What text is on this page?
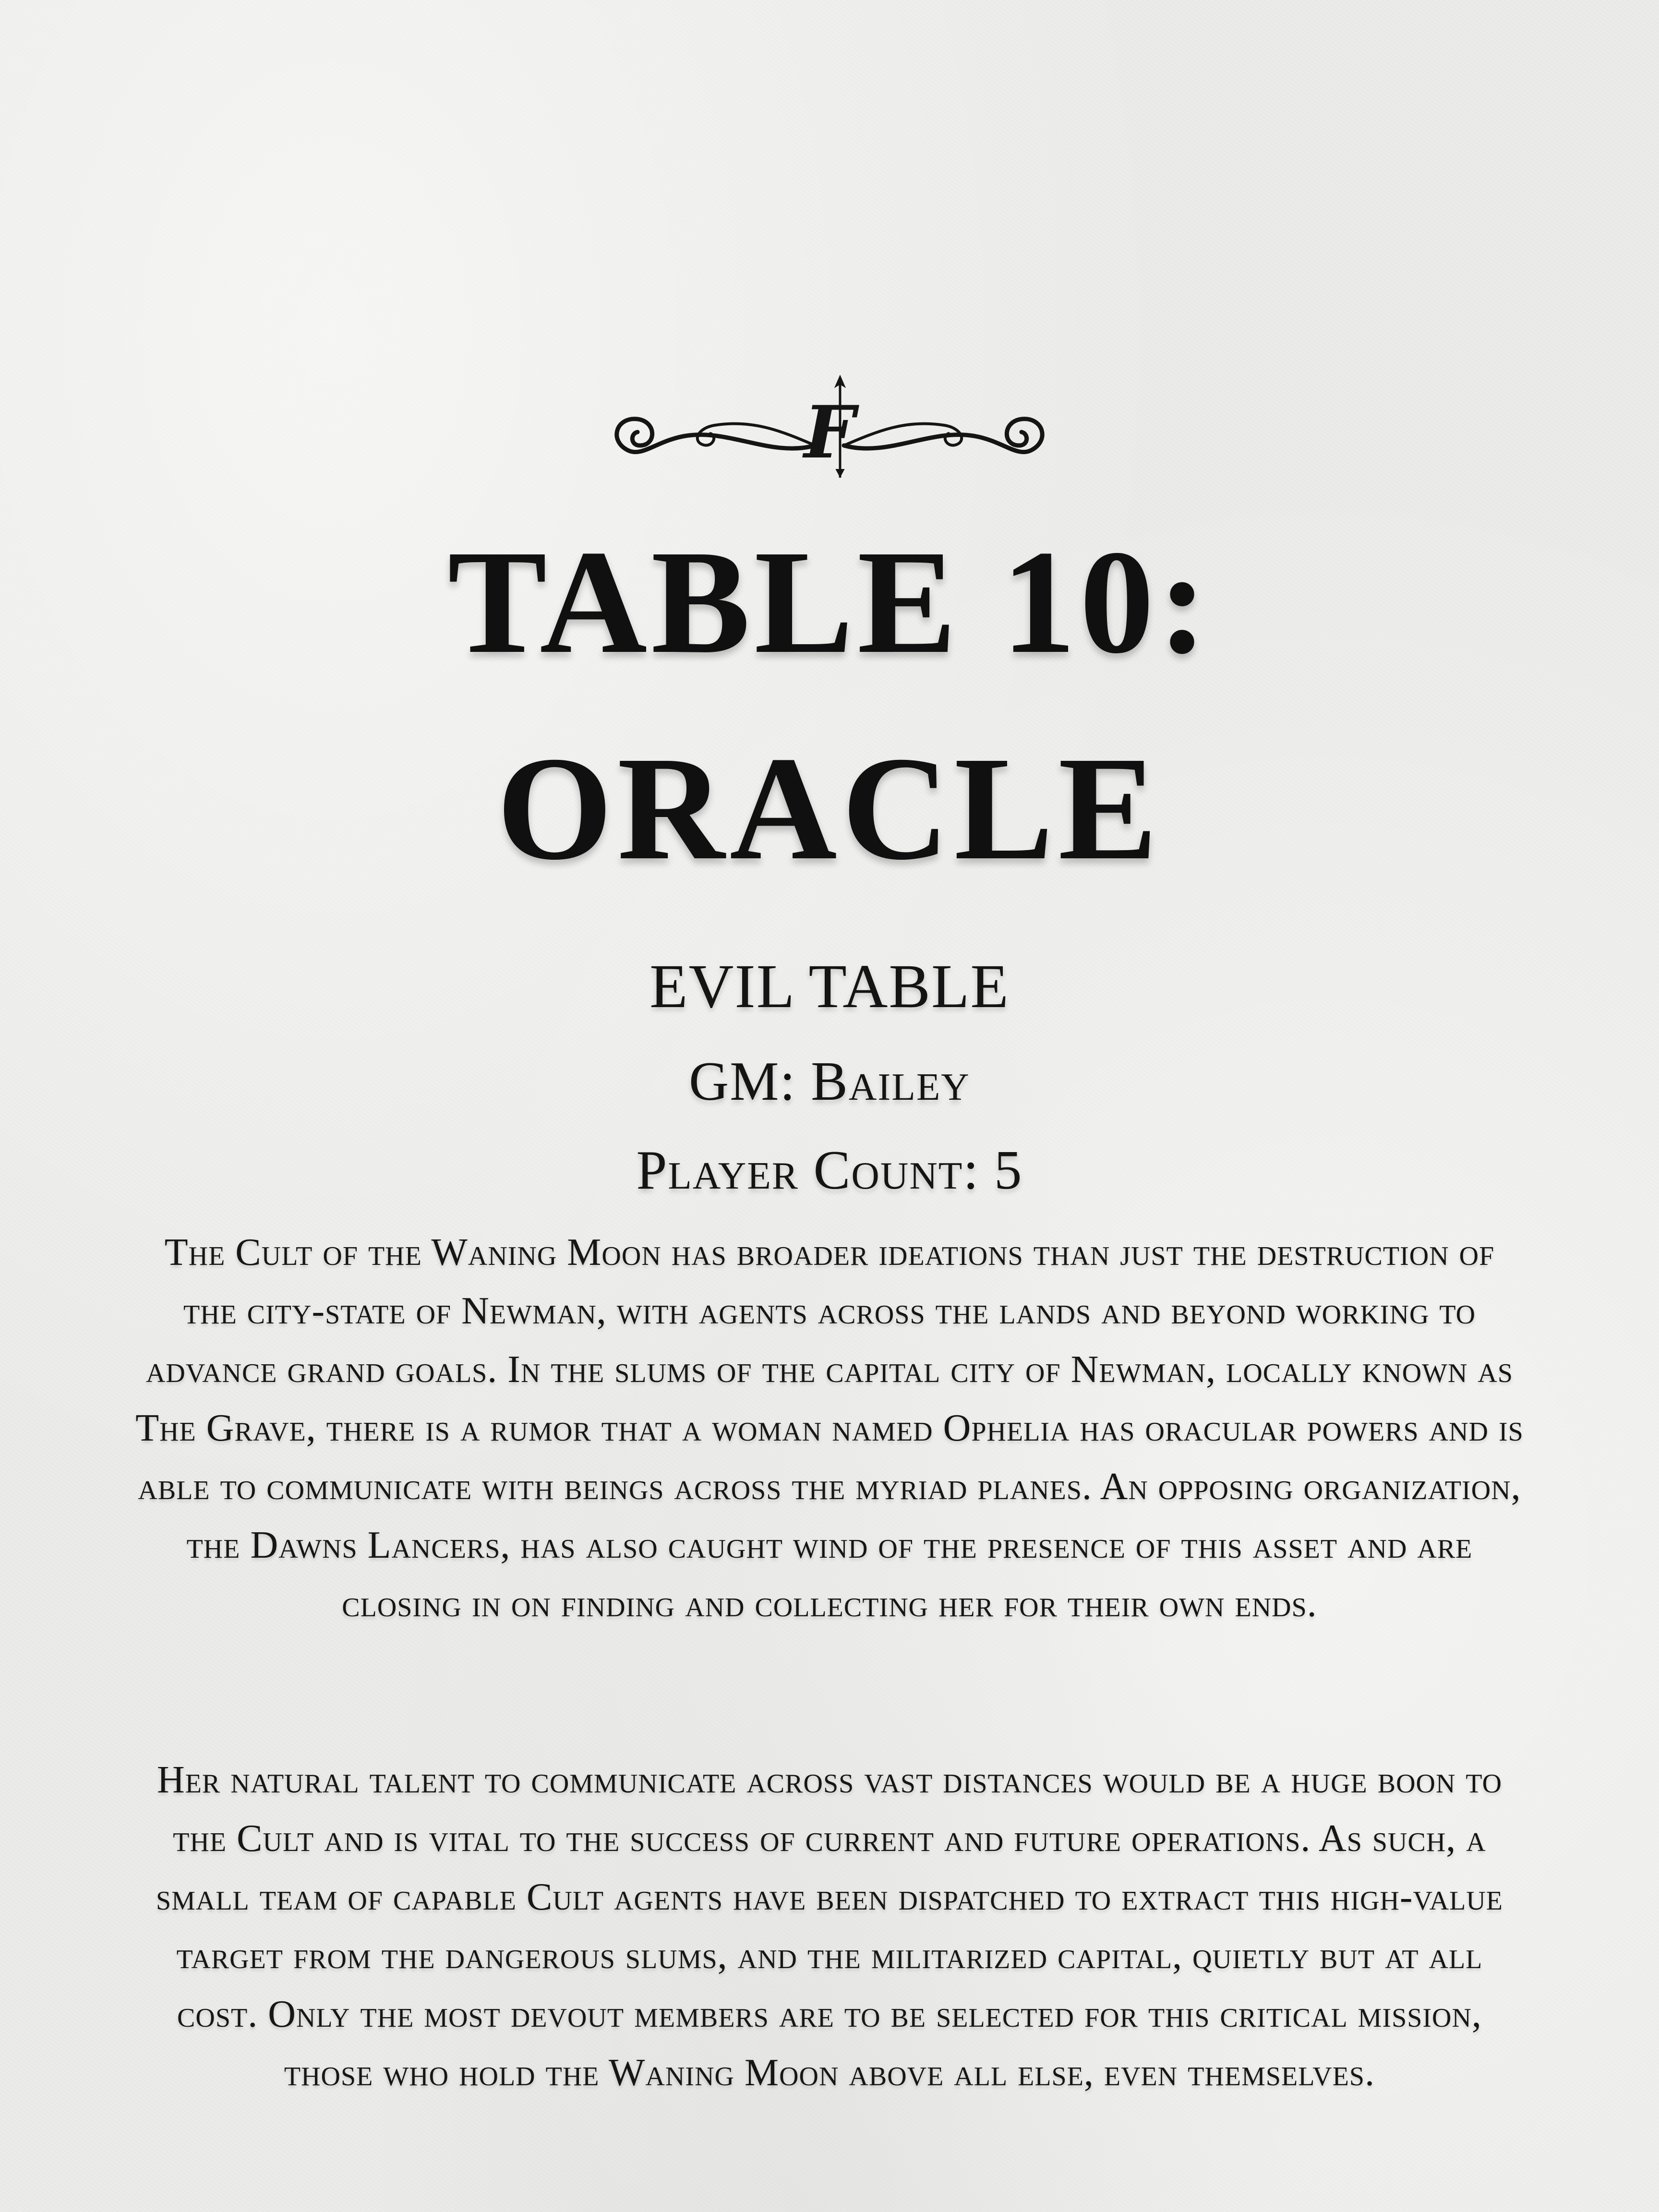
F
TABLE 10:
ORACLE
EVIL TABLE
GM: Bailey
Player Count: 5

The Cult of the Waning Moon has broader ideations than just the destruction of the city-state of Newman, with agents across the lands and beyond working to advance grand goals. In the slums of the capital city of Newman, locally known as The Grave, there is a rumor that a woman named Ophelia has oracular powers and is able to communicate with beings across the myriad planes. An opposing organization, the Dawns Lancers, has also caught wind of the presence of this asset and are closing in on finding and collecting her for their own ends.

Her natural talent to communicate across vast distances would be a huge boon to the Cult and is vital to the success of current and future operations. As such, a small team of capable Cult agents have been dispatched to extract this high-value target from the dangerous slums, and the militarized capital, quietly but at all cost. Only the most devout members are to be selected for this critical mission, those who hold the Waning Moon above all else, even themselves.
